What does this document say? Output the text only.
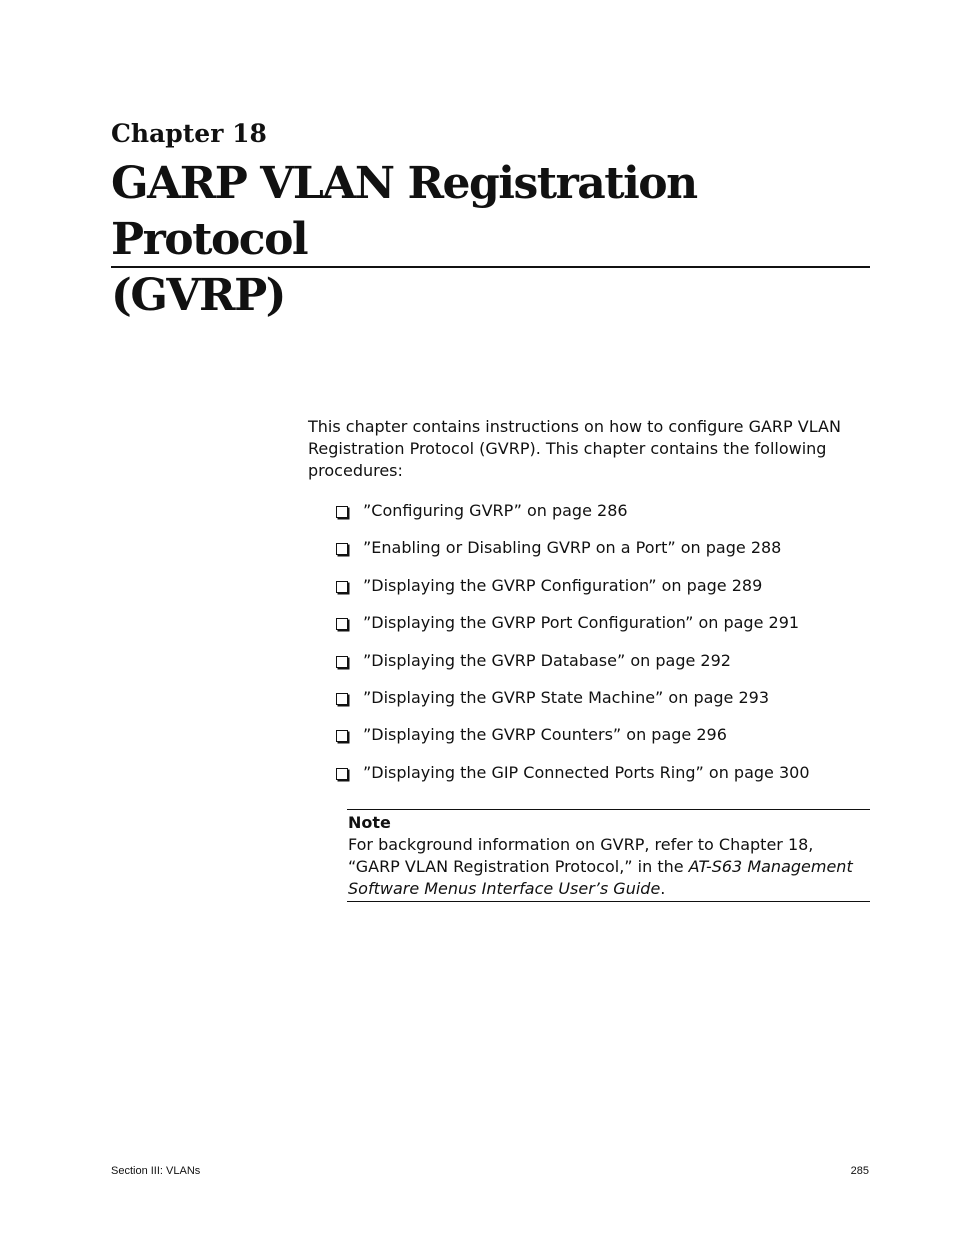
Chapter 18
GARP VLAN Registration Protocol
(GVRP)

This chapter contains instructions on how to configure GARP VLAN Registration Protocol (GVRP). This chapter contains the following procedures:

”Configuring GVRP” on page 286
”Enabling or Disabling GVRP on a Port” on page 288
”Displaying the GVRP Configuration” on page 289
”Displaying the GVRP Port Configuration” on page 291
”Displaying the GVRP Database” on page 292
”Displaying the GVRP State Machine” on page 293
”Displaying the GVRP Counters” on page 296
”Displaying the GIP Connected Ports Ring” on page 300

Note

For background information on GVRP, refer to Chapter 18, “GARP VLAN Registration Protocol,” in the AT-S63 Management Software Menus Interface User’s Guide.

Section III: VLANs	285
